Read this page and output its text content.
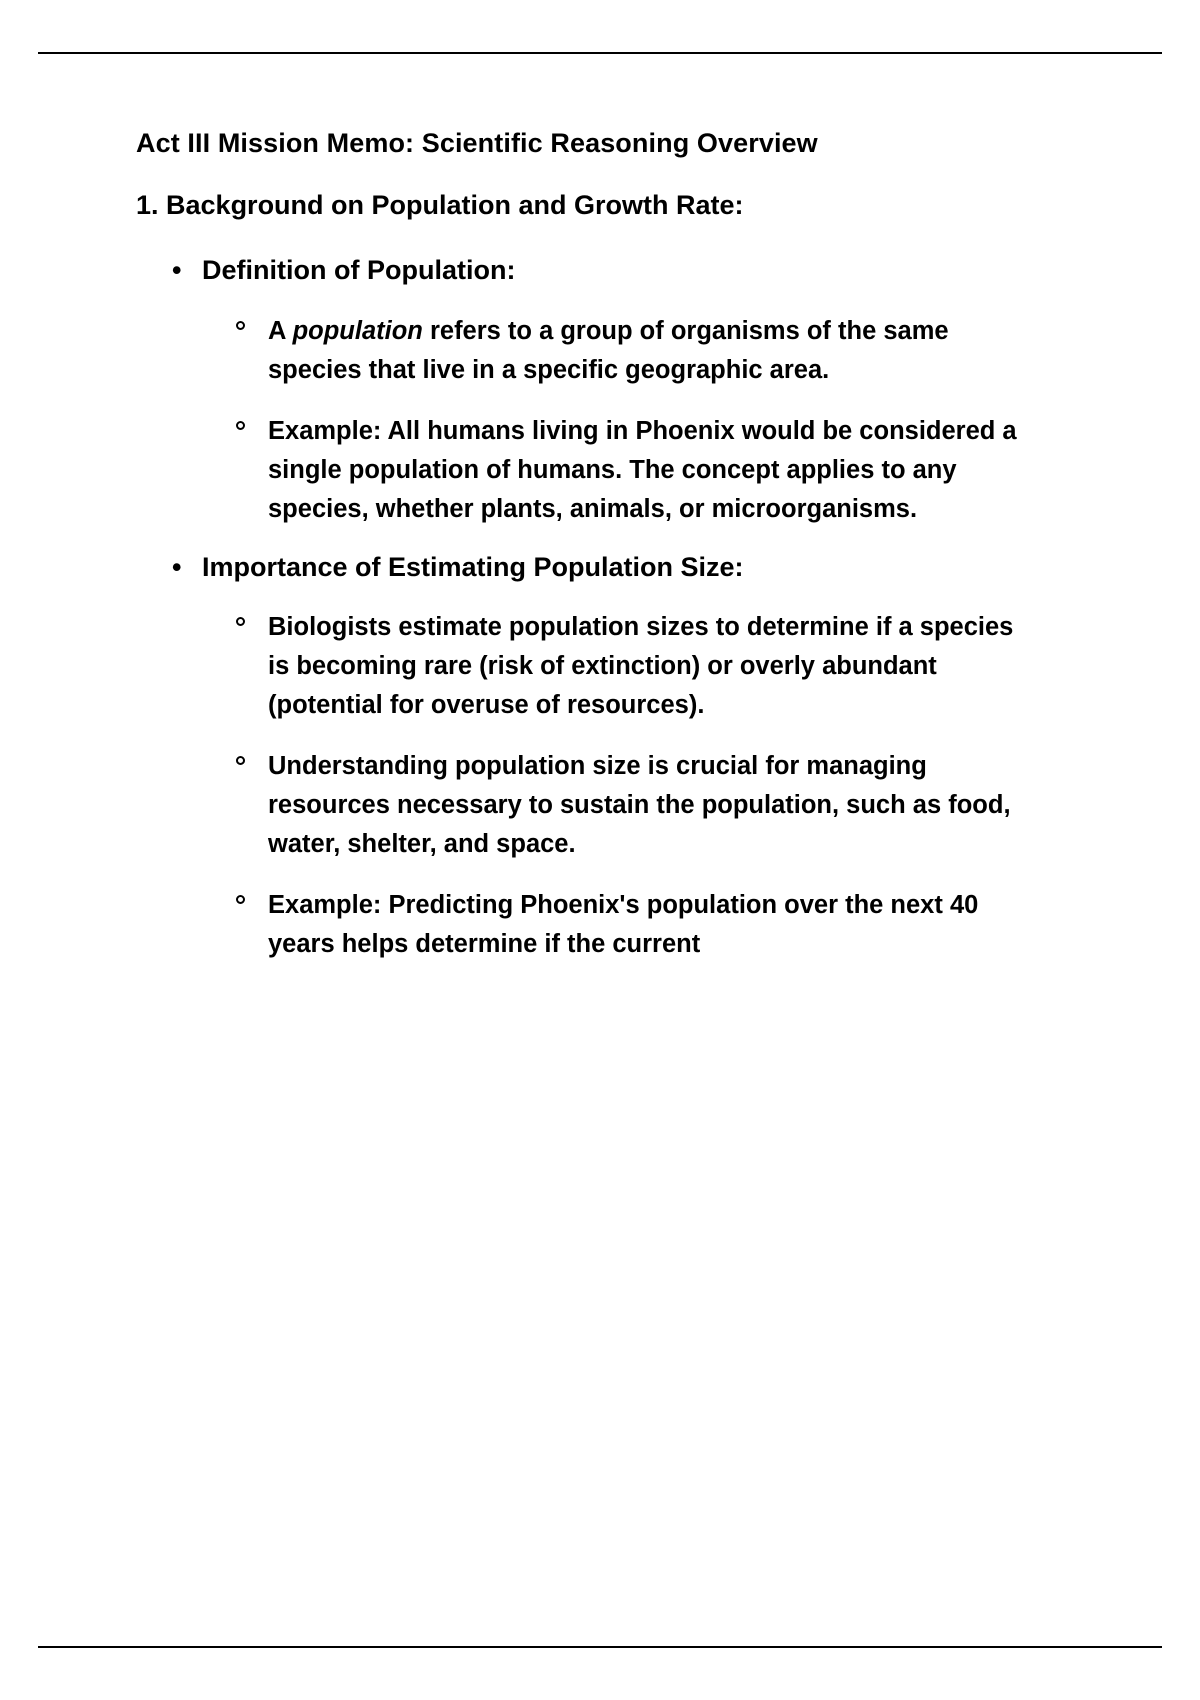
Act III Mission Memo: Scientific Reasoning Overview

1. Background on Population and Growth Rate:

• Definition of Population:

A population refers to a group of organisms of the same species that live in a specific geographic area.
Example: All humans living in Phoenix would be considered a single population of humans. The concept applies to any species, whether plants, animals, or microorganisms.
• Importance of Estimating Population Size:

Biologists estimate population sizes to determine if a species is becoming rare (risk of extinction) or overly abundant (potential for overuse of resources).
Understanding population size is crucial for managing resources necessary to sustain the population, such as food, water, shelter, and space.
Example: Predicting Phoenix's population over the next 40 years helps determine if the current
